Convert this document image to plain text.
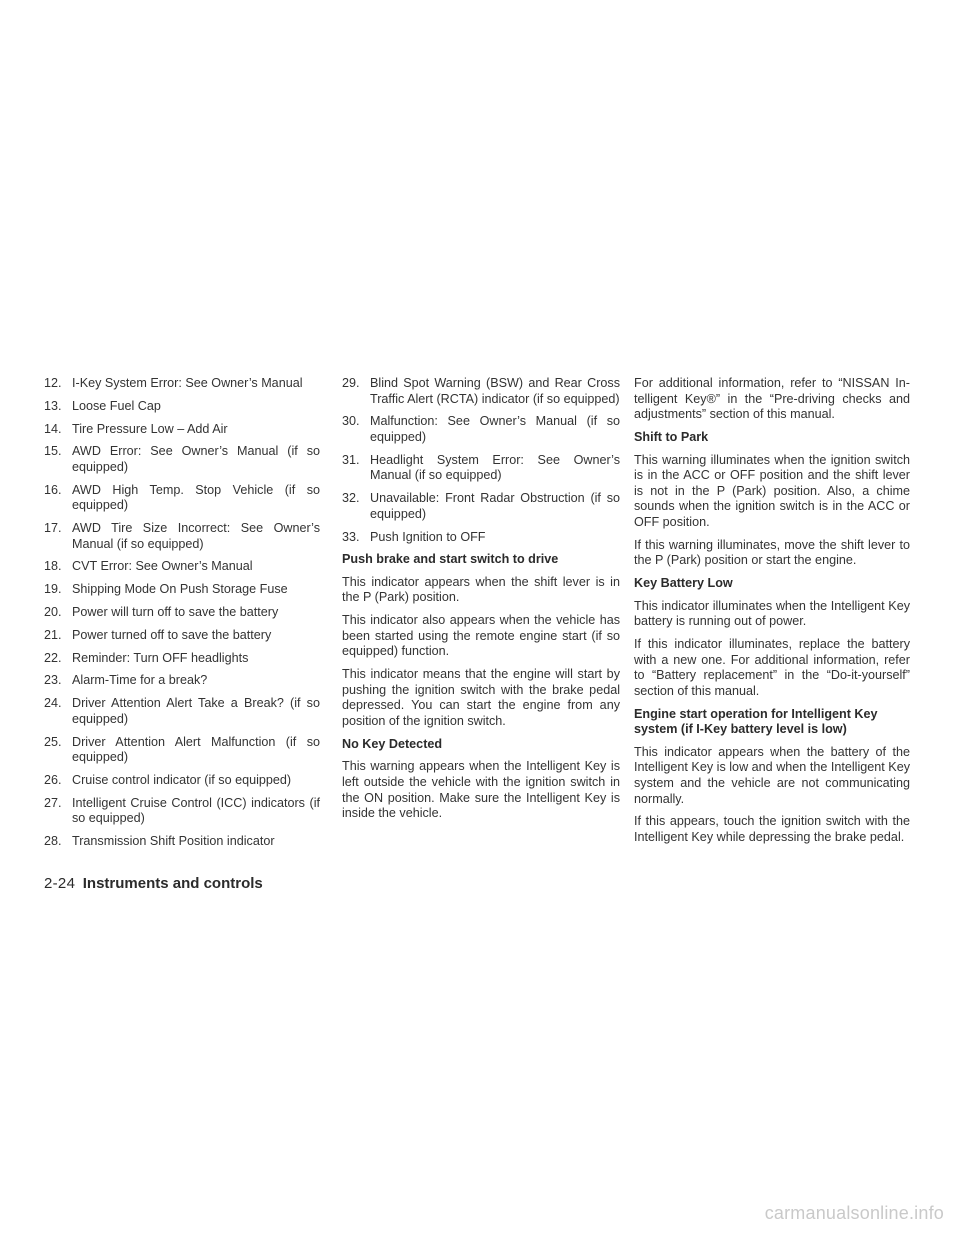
12. I-Key System Error: See Owner’s Manual
13. Loose Fuel Cap
14. Tire Pressure Low – Add Air
15. AWD Error: See Owner’s Manual (if so equipped)
16. AWD High Temp. Stop Vehicle (if so equipped)
17. AWD Tire Size Incorrect: See Owner’s Manual (if so equipped)
18. CVT Error: See Owner’s Manual
19. Shipping Mode On Push Storage Fuse
20. Power will turn off to save the battery
21. Power turned off to save the battery
22. Reminder: Turn OFF headlights
23. Alarm-Time for a break?
24. Driver Attention Alert Take a Break? (if so equipped)
25. Driver Attention Alert Malfunction (if so equipped)
26. Cruise control indicator (if so equipped)
27. Intelligent Cruise Control (ICC) indicators (if so equipped)
28. Transmission Shift Position indicator
29. Blind Spot Warning (BSW) and Rear Cross Traffic Alert (RCTA) indicator (if so equipped)
30. Malfunction: See Owner’s Manual (if so equipped)
31. Headlight System Error: See Owner’s Manual (if so equipped)
32. Unavailable: Front Radar Obstruction (if so equipped)
33. Push Ignition to OFF
Push brake and start switch to drive
This indicator appears when the shift lever is in the P (Park) position.
This indicator also appears when the vehicle has been started using the remote engine start (if so equipped) function.
This indicator means that the engine will start by pushing the ignition switch with the brake pedal depressed. You can start the engine from any position of the ignition switch.
No Key Detected
This warning appears when the Intelligent Key is left outside the vehicle with the ignition switch in the ON position. Make sure the Intelligent Key is inside the vehicle.
For additional information, refer to “NISSAN In-telligent Key®” in the “Pre-driving checks and adjustments” section of this manual.
Shift to Park
This warning illuminates when the ignition switch is in the ACC or OFF position and the shift lever is not in the P (Park) position. Also, a chime sounds when the ignition switch is in the ACC or OFF position.
If this warning illuminates, move the shift lever to the P (Park) position or start the engine.
Key Battery Low
This indicator illuminates when the Intelligent Key battery is running out of power.
If this indicator illuminates, replace the battery with a new one. For additional information, refer to “Battery replacement” in the “Do-it-yourself” section of this manual.
Engine start operation for Intelligent Key system (if I-Key battery level is low)
This indicator appears when the battery of the Intelligent Key is low and when the Intelligent Key system and the vehicle are not communicating normally.
If this appears, touch the ignition switch with the Intelligent Key while depressing the brake pedal.
2-24 Instruments and controls
carmanualsonline.info
